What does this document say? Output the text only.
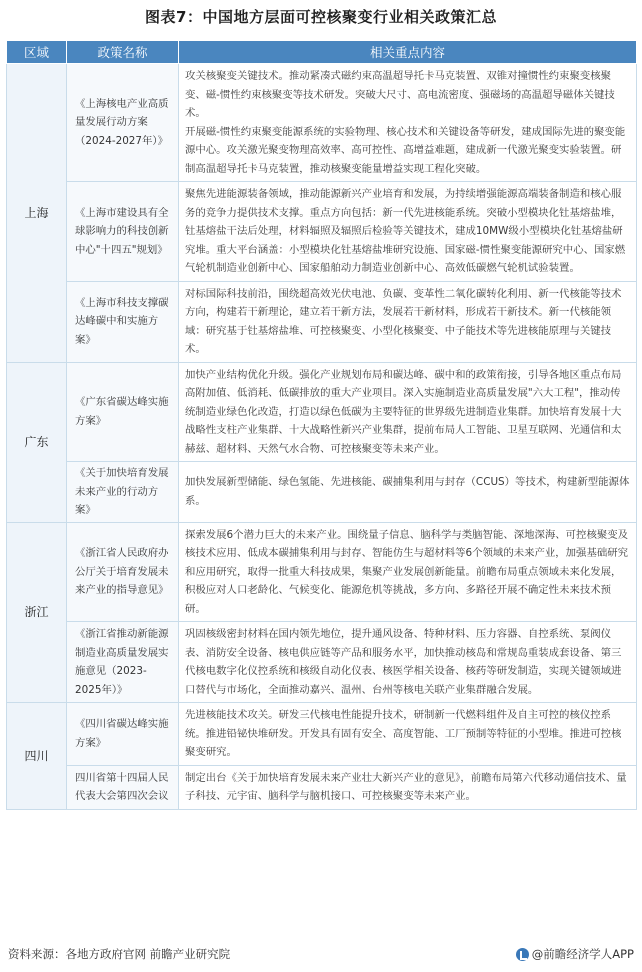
图表7：中国地方层面可控核聚变行业相关政策汇总
区域	政策名称	相关重点内容
上海	《上海核电产业高质量发展行动方案（2024-2027年）》	攻关核聚变关键技术。推动紧凑式磁约束高温超导托卡马克装置、双锥对撞惯性约束聚变核聚变、磁-惯性约束核聚变等技术研发。突破大尺寸、高电流密度、强磁场的高温超导磁体关键技术。

开展磁-惯性约束聚变能源系统的实验物理、核心技术和关键设备等研发，建成国际先进的聚变能源中心。攻关激光聚变物理高效率、高可控性、高增益难题，建成新一代激光聚变实验装置。研制高温超导托卡马克装置，推动核聚变能量增益实现工程化突破。

	《上海市建设具有全球影响力的科技创新中心"十四五"规划》	聚焦先进能源装备领域，推动能源新兴产业培育和发展，为持续增强能源高端装备制造和核心服务的竞争力提供技术支撑。重点方向包括：新一代先进核能系统。突破小型模块化钍基熔盐堆，钍基熔盐干法后处理，材料辐照及辐照后检验等关键技术，建成10MW级小型模块化钍基熔盐研究堆。重大平台涵盖：小型模块化钍基熔盐堆研究设施、国家磁-惯性聚变能源研究中心、国家燃气轮机制造业创新中心、国家船舶动力制造业创新中心、高效低碳燃气轮机试验装置。

	《上海市科技支撑碳达峰碳中和实施方案》	对标国际科技前沿，围绕超高效光伏电池、负碳、变革性二氧化碳转化利用、新一代核能等技术方向，构建若干新理论，建立若干新方法，发展若干新材料，形成若干新技术。新一代核能领域：研究基于钍基熔盐堆、可控核聚变、小型化核聚变、中子能技术等先进核能原理与关键技术。

广东	《广东省碳达峰实施方案》	加快产业结构优化升级。强化产业规划布局和碳达峰、碳中和的政策衔接，引导各地区重点布局高附加值、低消耗、低碳排放的重大产业项目。深入实施制造业高质量发展"六大工程"，推动传统制造业绿色化改造，打造以绿色低碳为主要特征的世界级先进制造业集群。加快培育发展十大战略性支柱产业集群、十大战略性新兴产业集群，提前布局人工智能、卫星互联网、光通信和太赫兹、超材料、天然气水合物、可控核聚变等未来产业。

	《关于加快培育发展未来产业的行动方案》	加快发展新型储能、绿色氢能、先进核能、碳捕集利用与封存（CCUS）等技术，构建新型能源体系。

浙江	《浙江省人民政府办公厅关于培育发展未来产业的指导意见》	探索发展6个潜力巨大的未来产业。围绕量子信息、脑科学与类脑智能、深地深海、可控核聚变及核技术应用、低成本碳捕集利用与封存、智能仿生与超材料等6个领域的未来产业，加强基础研究和应用研究，取得一批重大科技成果，集聚产业发展创新能量。前瞻布局重点领域未来化发展，积极应对人口老龄化、气候变化、能源危机等挑战，多方向、多路径开展不确定性未来技术预研。

	《浙江省推动新能源制造业高质量发展实施意见（2023-2025年）》	巩固核级密封材料在国内领先地位，提升通风设备、特种材料、压力容器、自控系统、泵阀仪表、消防安全设备、核电供应链等产品和服务水平，加快推动核岛和常规岛重装成套设备、第三代核电数字化仪控系统和核级自动化仪表、核医学相关设备、核药等研发制造，实现关键领域进口替代与市场化，全面推动嘉兴、温州、台州等核电关联产业集群融合发展。

四川	《四川省碳达峰实施方案》	先进核能技术攻关。研发三代核电性能提升技术，研制新一代燃料组件及自主可控的核仪控系统。推进铅铋快堆研发。开发具有固有安全、高度智能、工厂预制等特征的小型堆。推进可控核聚变研究。

	四川省第十四届人民代表大会第四次会议	制定出台《关于加快培育发展未来产业壮大新兴产业的意见》，前瞻布局第六代移动通信技术、量子科技、元宇宙、脑科学与脑机接口、可控核聚变等未来产业。

资料来源：各地方政府官网 前瞻产业研究院	@前瞻经济学人APP
